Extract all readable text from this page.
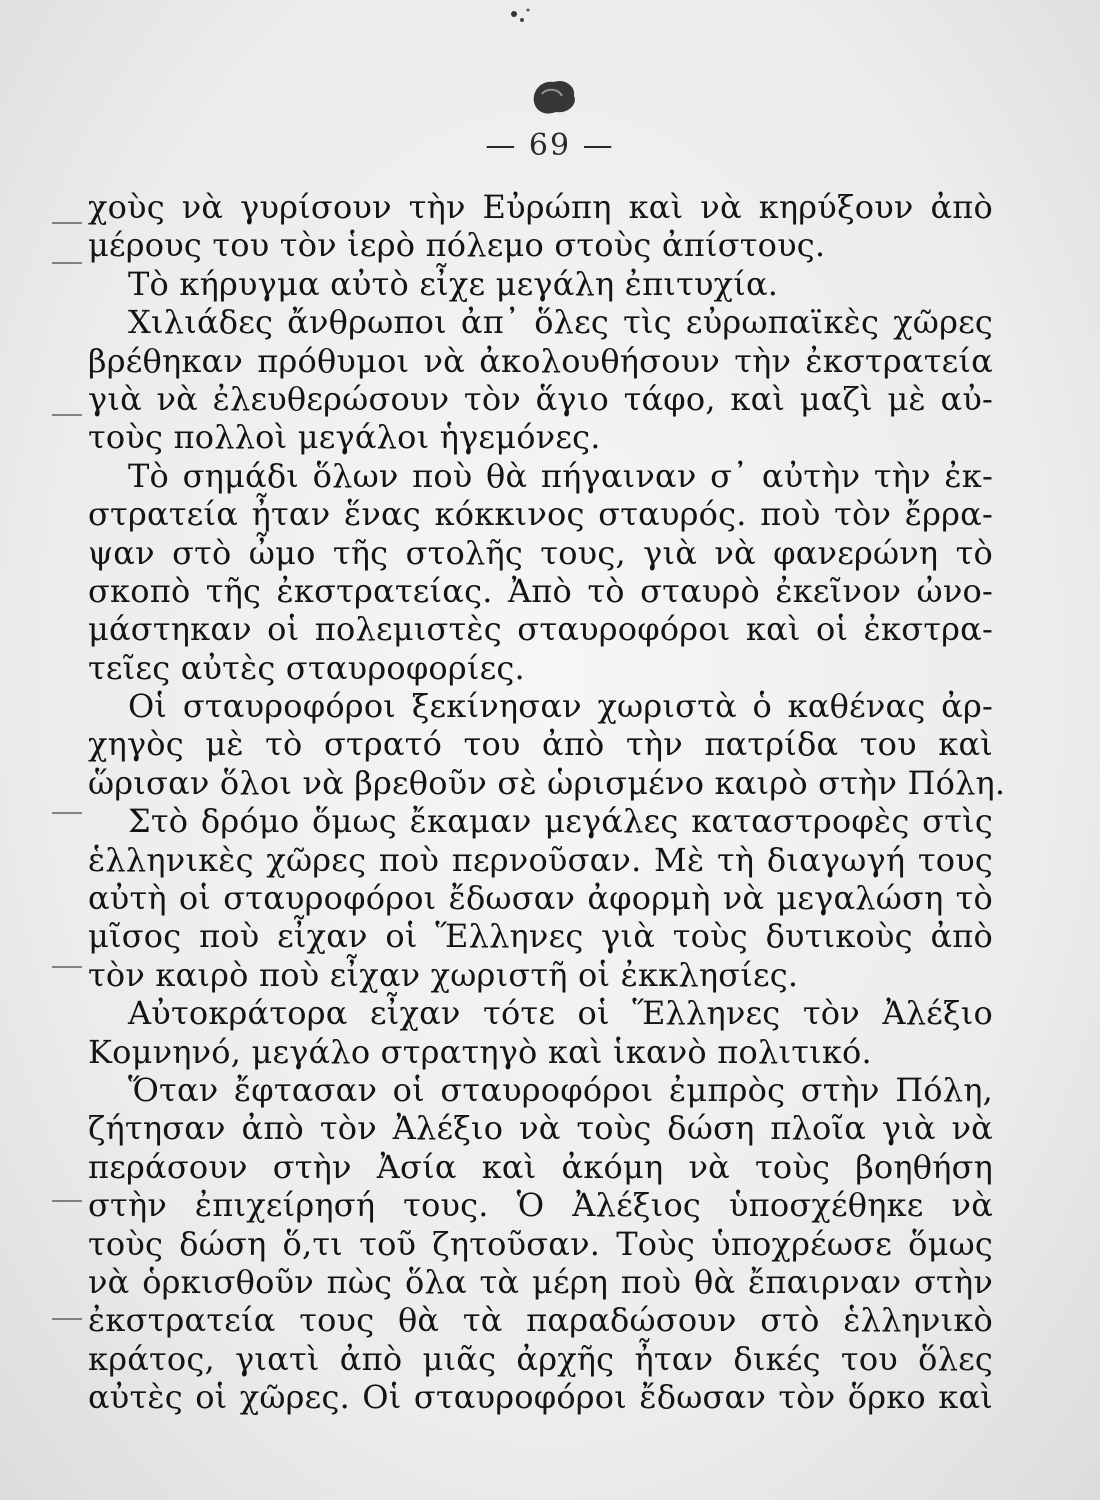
— 69 —
χοὺς νὰ γυρίσουν τὴν Εὐρώπη καὶ νὰ κηρύξουν ἀπὸ
μέρους του τὸν ἱερὸ πόλεμο στοὺς ἀπίστους.
Τὸ κήρυγμα αὐτὸ εἶχε μεγάλη ἐπιτυχία.
Χιλιάδες ἄνθρωποι ἀπ᾽ ὅλες τὶς εὐρωπαϊκὲς χῶρες
βρέθηκαν πρόθυμοι νὰ ἀκολουθήσουν τὴν ἐκστρατεία
γιὰ νὰ ἐλευθερώσουν τὸν ἅγιο τάφο, καὶ μαζὶ μὲ αὐ-
τοὺς πολλοὶ μεγάλοι ἡγεμόνες.
Τὸ σημάδι ὅλων ποὺ θὰ πήγαιναν σ᾽ αὐτὴν τὴν ἐκ-
στρατεία ἦταν ἕνας κόκκινος σταυρός. ποὺ τὸν ἔρρα-
ψαν στὸ ὦμο τῆς στολῆς τους, γιὰ νὰ φανερώνη τὸ
σκοπὸ τῆς ἐκστρατείας. Ἀπὸ τὸ σταυρὸ ἐκεῖνον ὠνο-
μάστηκαν οἱ πολεμιστὲς σταυροφόροι καὶ οἱ ἐκστρα-
τεῖες αὐτὲς σταυροφορίες.
Οἱ σταυροφόροι ξεκίνησαν χωριστὰ ὁ καθένας ἀρ-
χηγὸς μὲ τὸ στρατό του ἀπὸ τὴν πατρίδα του καὶ
ὥρισαν ὅλοι νὰ βρεθοῦν σὲ ὡρισμένο καιρὸ στὴν Πόλη.
Στὸ δρόμο ὅμως ἔκαμαν μεγάλες καταστροφὲς στὶς
ἑλληνικὲς χῶρες ποὺ περνοῦσαν. Μὲ τὴ διαγωγή τους
αὐτὴ οἱ σταυροφόροι ἔδωσαν ἀφορμὴ νὰ μεγαλώση τὸ
μῖσος ποὺ εἶχαν οἱ Ἕλληνες γιὰ τοὺς δυτικοὺς ἀπὸ
τὸν καιρὸ ποὺ εἶχαν χωριστῆ οἱ ἐκκλησίες.
Αὐτοκράτορα εἶχαν τότε οἱ Ἕλληνες τὸν Ἀλέξιο
Κομνηνό, μεγάλο στρατηγὸ καὶ ἱκανὸ πολιτικό.
Ὅταν ἔφτασαν οἱ σταυροφόροι ἐμπρὸς στὴν Πόλη,
ζήτησαν ἀπὸ τὸν Ἀλέξιο νὰ τοὺς δώση πλοῖα γιὰ νὰ
περάσουν στὴν Ἀσία καὶ ἀκόμη νὰ τοὺς βοηθήση
στὴν ἐπιχείρησή τους. Ὁ Ἀλέξιος ὑποσχέθηκε νὰ
τοὺς δώση ὅ,τι τοῦ ζητοῦσαν. Τοὺς ὑποχρέωσε ὅμως
νὰ ὁρκισθοῦν πὼς ὅλα τὰ μέρη ποὺ θὰ ἔπαιρναν στὴν
ἐκστρατεία τους θὰ τὰ παραδώσουν στὸ ἑλληνικὸ
κράτος, γιατὶ ἀπὸ μιᾶς ἀρχῆς ἦταν δικές του ὅλες
αὐτὲς οἱ χῶρες. Οἱ σταυροφόροι ἔδωσαν τὸν ὅρκο καὶ
